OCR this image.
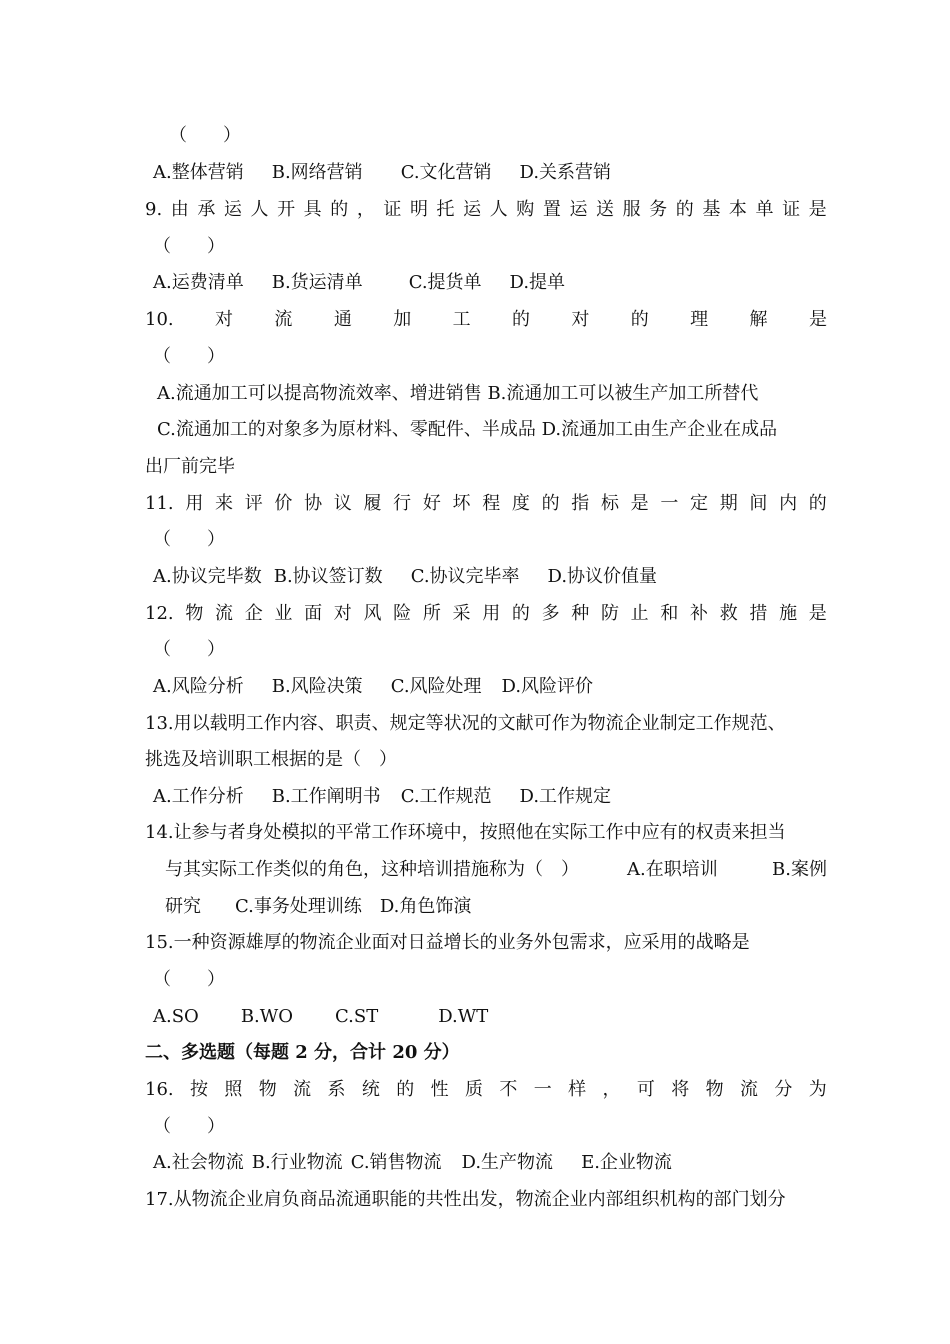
（　　）
A.整体营销 B.网络营销 C.文化营销 D.关系营销
9. 由 承 运 人 开 具 的 ， 证 明 托 运 人 购 置 运 送 服 务 的 基 本 单 证 是
（　　）
A.运费清单 B.货运清单	C.提货单 D.提单
10. 对 流 通 加 工 的 对 的 理 解 是
（　　）
A.流通加工可以提高物流效率、增进销售 B.流通加工可以被生产加工所替代
C.流通加工的对象多为原材料、零配件、半成品 D.流通加工由生产企业在成品
出厂前完毕
11. 用 来 评 价 协 议 履 行 好 坏 程 度 的 指 标 是 一 定 期 间 内 的
（　　）
A.协议完毕数 B.协议签订数 C.协议完毕率 D.协议价值量
12. 物 流 企 业 面 对 风 险 所 采 用 的 多 种 防 止 和 补 救 措 施 是
（　　）
A.风险分析 B.风险决策 C.风险处理 D.风险评价
13.用以载明工作内容、职责、规定等状况的文献可作为物流企业制定工作规范、
挑选及培训职工根据的是（　）
A.工作分析 B.工作阐明书 C.工作规范 D.工作规定
14.让参与者身处模拟的平常工作环境中，按照他在实际工作中应有的权责来担当
与其实际工作类似的角色，这种培训措施称为（　）	A.在职培训	B.案例
研究 C.事务处理训练 D.角色饰演
15.一种资源雄厚的物流企业面对日益增长的业务外包需求，应采用的战略是
（　　）
A.SO B.WO C.ST	D.WT
二、多选题（每题 2 分，合计 20 分）
16. 按 照 物 流 系 统 的 性 质 不 一 样 ， 可 将 物 流 分 为
（　　）
A.社会物流 B.行业物流 C.销售物流 D.生产物流 E.企业物流
17.从物流企业肩负商品流通职能的共性出发，物流企业内部组织机构的部门划分
